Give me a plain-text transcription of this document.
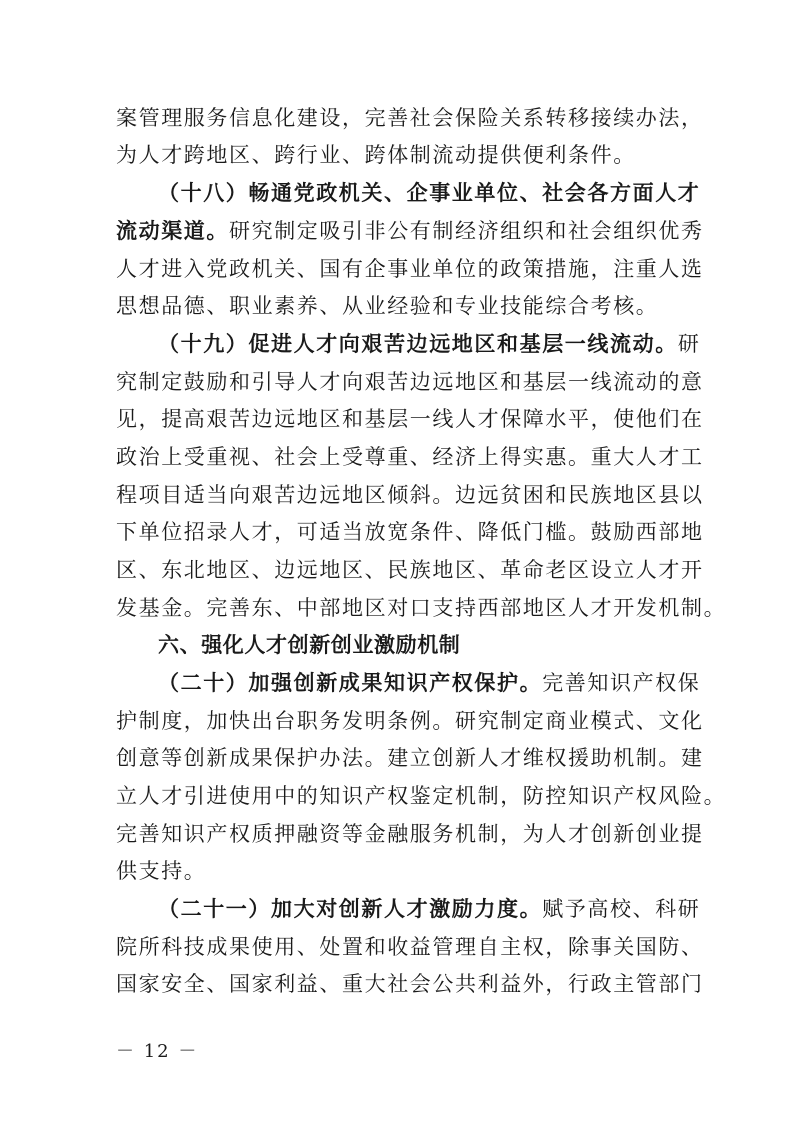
案管理服务信息化建设，完善社会保险关系转移接续办法，
为人才跨地区、跨行业、跨体制流动提供便利条件。
（十八）畅通党政机关、企事业单位、社会各方面人才
流动渠道。研究制定吸引非公有制经济组织和社会组织优秀
人才进入党政机关、国有企事业单位的政策措施，注重人选
思想品德、职业素养、从业经验和专业技能综合考核。
（十九）促进人才向艰苦边远地区和基层一线流动。研
究制定鼓励和引导人才向艰苦边远地区和基层一线流动的意
见，提高艰苦边远地区和基层一线人才保障水平，使他们在
政治上受重视、社会上受尊重、经济上得实惠。重大人才工
程项目适当向艰苦边远地区倾斜。边远贫困和民族地区县以
下单位招录人才，可适当放宽条件、降低门槛。鼓励西部地
区、东北地区、边远地区、民族地区、革命老区设立人才开
发基金。完善东、中部地区对口支持西部地区人才开发机制。
六、强化人才创新创业激励机制
（二十）加强创新成果知识产权保护。完善知识产权保
护制度，加快出台职务发明条例。研究制定商业模式、文化
创意等创新成果保护办法。建立创新人才维权援助机制。建
立人才引进使用中的知识产权鉴定机制，防控知识产权风险。
完善知识产权质押融资等金融服务机制，为人才创新创业提
供支持。
（二十一）加大对创新人才激励力度。赋予高校、科研
院所科技成果使用、处置和收益管理自主权，除事关国防、
国家安全、国家利益、重大社会公共利益外，行政主管部门
－ 12 －
